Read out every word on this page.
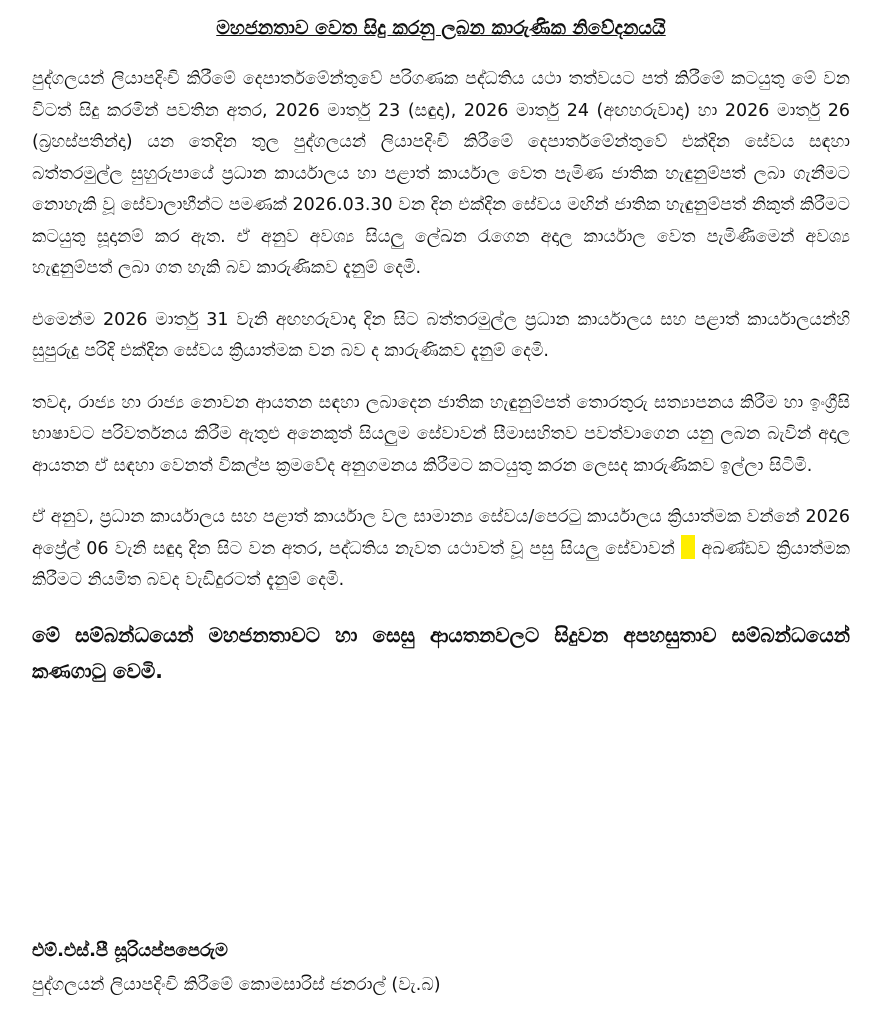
මහජනතාව වෙත සිදු කරනු ලබන කාරුණික නිවේදනයයි

පුද්ගලයන් ලියාපදිංචි කිරීමේ දෙපාර්තමේන්තුවේ පරිගණක පද්ධතිය යථා තත්වයට පත් කිරීමේ කටයුතු මේ වන විටත් සිදු කරමින් පවතින අතර, 2026 මාර්තු 23 (සඳුදා), 2026 මාර්තු 24 (අඟහරුවාදා) හා 2026 මාර්තු 26 (බ්‍රහස්පතින්දා) යන තෙදින තුල පුද්ගලයන් ලියාපදිංචි කිරීමේ දෙපාර්තමේන්තුවේ එක්දින සේවය සඳහා බත්තරමුල්ල සුහුරුපායේ ප්‍රධාන කාර්යාලය හා පළාත් කාර්යාල වෙත පැමිණ ජාතික හැඳුනුම්පත් ලබා ගැනීමට නොහැකි වූ සේවාලාභීන්ට පමණක් 2026.03.30 වන දින එක්දින සේවය මඟින් ජාතික හැඳුනුම්පත් නිකුත් කිරීමට කටයුතු සූදානම් කර ඇත. ඒ අනුව අවශ්‍ය සියලු ලේඛන රැගෙන අදාල කාර්යාල වෙත පැමිණීමෙන් අවශ්‍ය හැඳුනුම්පත් ලබා ගත හැකි බව කාරුණිකව දැනුම් දෙමි.

එමෙන්ම 2026 මාර්තු 31 වැනි අඟහරුවාදා දින සිට බත්තරමුල්ල ප්‍රධාන කාර්යාලය සහ පළාත් කාර්යාලයන්හි සුපුරුදු පරිදි එක්දින සේවය ක්‍රියාත්මක වන බව ද කාරුණිකව දැනුම් දෙමි.

තවද, රාජ්‍ය හා රාජ්‍ය නොවන ආයතන සඳහා ලබාදෙන ජාතික හැඳුනුම්පත් තොරතුරු සත්‍යාපනය කිරීම හා ඉංග්‍රීසි භාෂාවට පරිවර්තනය කිරීම ඇතුළු අනෙකුත් සියලුම සේවාවන් සීමාසහිතව පවත්වාගෙන යනු ලබන බැවින් අදාල ආයතන ඒ සඳහා වෙනත් විකල්ප ක්‍රමවේද අනුගමනය කිරීමට කටයුතු කරන ලෙසද කාරුණිකව ඉල්ලා සිටිමි.

ඒ අනුව, ප්‍රධාන කාර්යාලය සහ පළාත් කාර්යාල වල සාමාන්‍ය සේවය/පෙරටු කාර්යාලය ක්‍රියාත්මක වන්නේ 2026 අප්‍රේල් 06 වැනි සඳුදා දින සිට වන අතර, පද්ධතිය නැවත යථාවත් වූ පසු සියලු සේවාවන් අඛණ්ඩව ක්‍රියාත්මක කිරීමට නියමිත බවද වැඩිදුරටත් දැනුම් දෙමි.

මේ සම්බන්ධයෙන් මහජනතාවට හා සෙසු ආයතනවලට සිදුවන අපහසුතාව සම්බන්ධයෙන් කණගාටු වෙමි.

එම්.එස්.පී සූරියප්පපෙරුම
පුද්ගලයන් ලියාපදිංචි කිරීමේ කොමසාරිස් ජනරාල් (වැ.බ)
